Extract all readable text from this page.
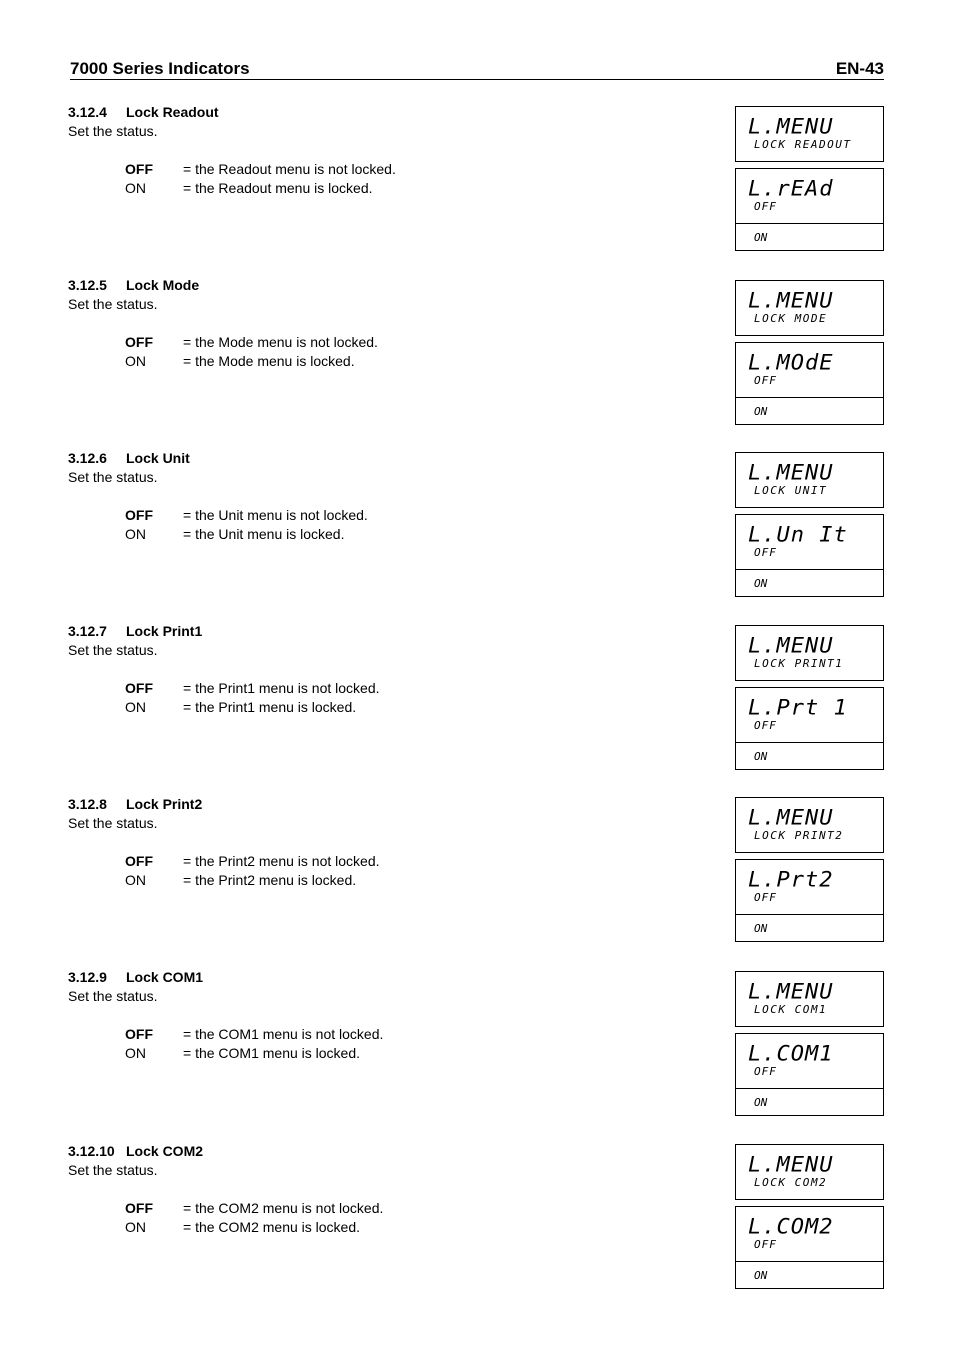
7000 Series Indicators	EN-43
3.12.4 Lock Readout
Set the status.
OFF	= the Readout menu is not locked.
ON	= the Readout menu is locked.
L.MENU
LOCK READOUT
L.rEAd
OFF
ON
3.12.5 Lock Mode
Set the status.
OFF	= the Mode menu is not locked.
ON	= the Mode menu is locked.
L.MENU
LOCK MODE
L.MOdE
OFF
ON
3.12.6 Lock Unit
Set the status.
OFF	= the Unit menu is not locked.
ON	= the Unit menu is locked.
L.MENU
LOCK UNIT
L.Un It
OFF
ON
3.12.7 Lock Print1
Set the status.
OFF	= the Print1 menu is not locked.
ON	= the Print1 menu is locked.
L.MENU
LOCK PRINT1
L.Prt 1
OFF
ON
3.12.8 Lock Print2
Set the status.
OFF	= the Print2 menu is not locked.
ON	= the Print2 menu is locked.
L.MENU
LOCK PRINT2
L.Prt2
OFF
ON
3.12.9 Lock COM1
Set the status.
OFF	= the COM1 menu is not locked.
ON	= the COM1 menu is locked.
L.MENU
LOCK COM1
L.COM1
OFF
ON
3.12.10 Lock COM2
Set the status.
OFF	= the COM2 menu is not locked.
ON	= the COM2 menu is locked.
L.MENU
LOCK COM2
L.COM2
OFF
ON
